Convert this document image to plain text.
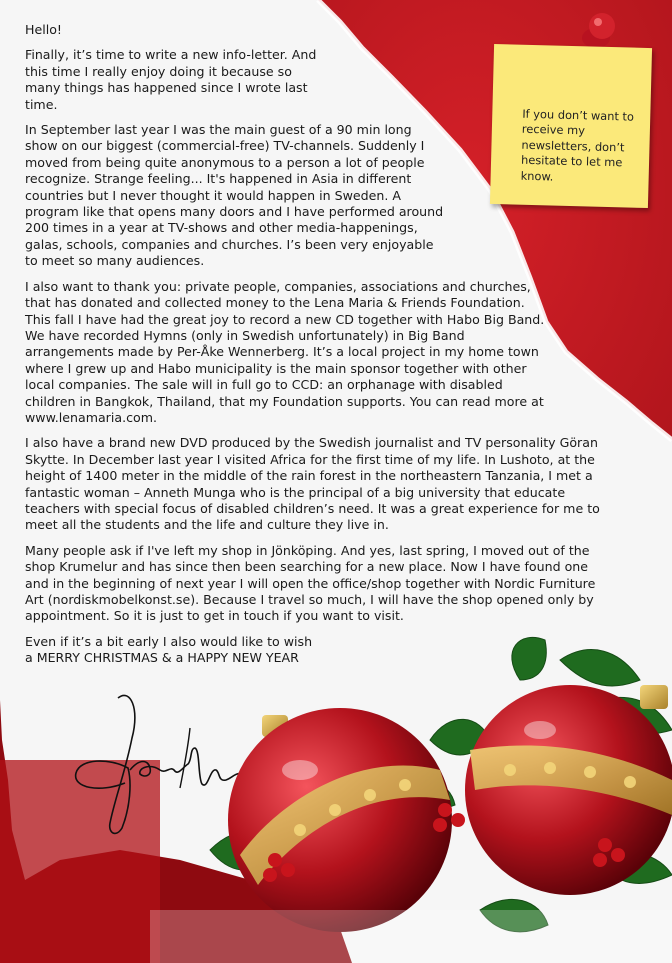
If you don’t want to receive my newsletters, don’t hesitate to let me know.

Hello!

Finally, it’s time to write a new info-letter. And this time I really enjoy doing it because so many things has happened since I wrote last time.

In September last year I was the main guest of a 90 min long show on our biggest (commercial-free) TV-channels. Suddenly I moved from being quite anonymous to a person a lot of people recognize. Strange feeling... It's happened in Asia in different countries but I never thought it would happen in Sweden. A program like that opens many doors and I have performed around 200 times in a year at TV-shows and other media-happenings, galas, schools, companies and churches. I’s been very enjoyable to meet so many audiences.

I also want to thank you: private people, companies, associations and churches, that has donated and collected money to the Lena Maria & Friends Foundation. This fall I have had the great joy to record a new CD together with Habo Big Band. We have recorded Hymns (only in Swedish unfortunately) in Big Band arrangements made by Per-Åke Wennerberg. It’s a local project in my home town where I grew up and Habo municipality is the main sponsor together with other local companies. The sale will in full go to CCD: an orphanage with disabled children in Bangkok, Thailand, that my Foundation supports. You can read more at www.lenamaria.com.

I also have a brand new DVD produced by the Swedish journalist and TV personality Göran Skytte. In December last year I visited Africa for the first time of my life. In Lushoto, at the height of 1400 meter in the middle of the rain forest in the northeastern Tanzania, I met a fantastic woman – Anneth Munga who is the principal of a big university that educate teachers with special focus of disabled children’s need. It was a great experience for me to meet all the students and the life and culture they live in.

Many people ask if I've left my shop in Jönköping. And yes, last spring, I moved out of the shop Krumelur and has since then been searching for a new place. Now I have found one and in the beginning of next year I will open the office/shop together with Nordic Furniture Art (nordiskmobelkonst.se). Because I travel so much, I will have the shop opened only by appointment. So it is just to get in touch if you want to visit.

Even if it’s a bit early I also would like to wish
a MERRY CHRISTMAS & a HAPPY NEW YEAR
